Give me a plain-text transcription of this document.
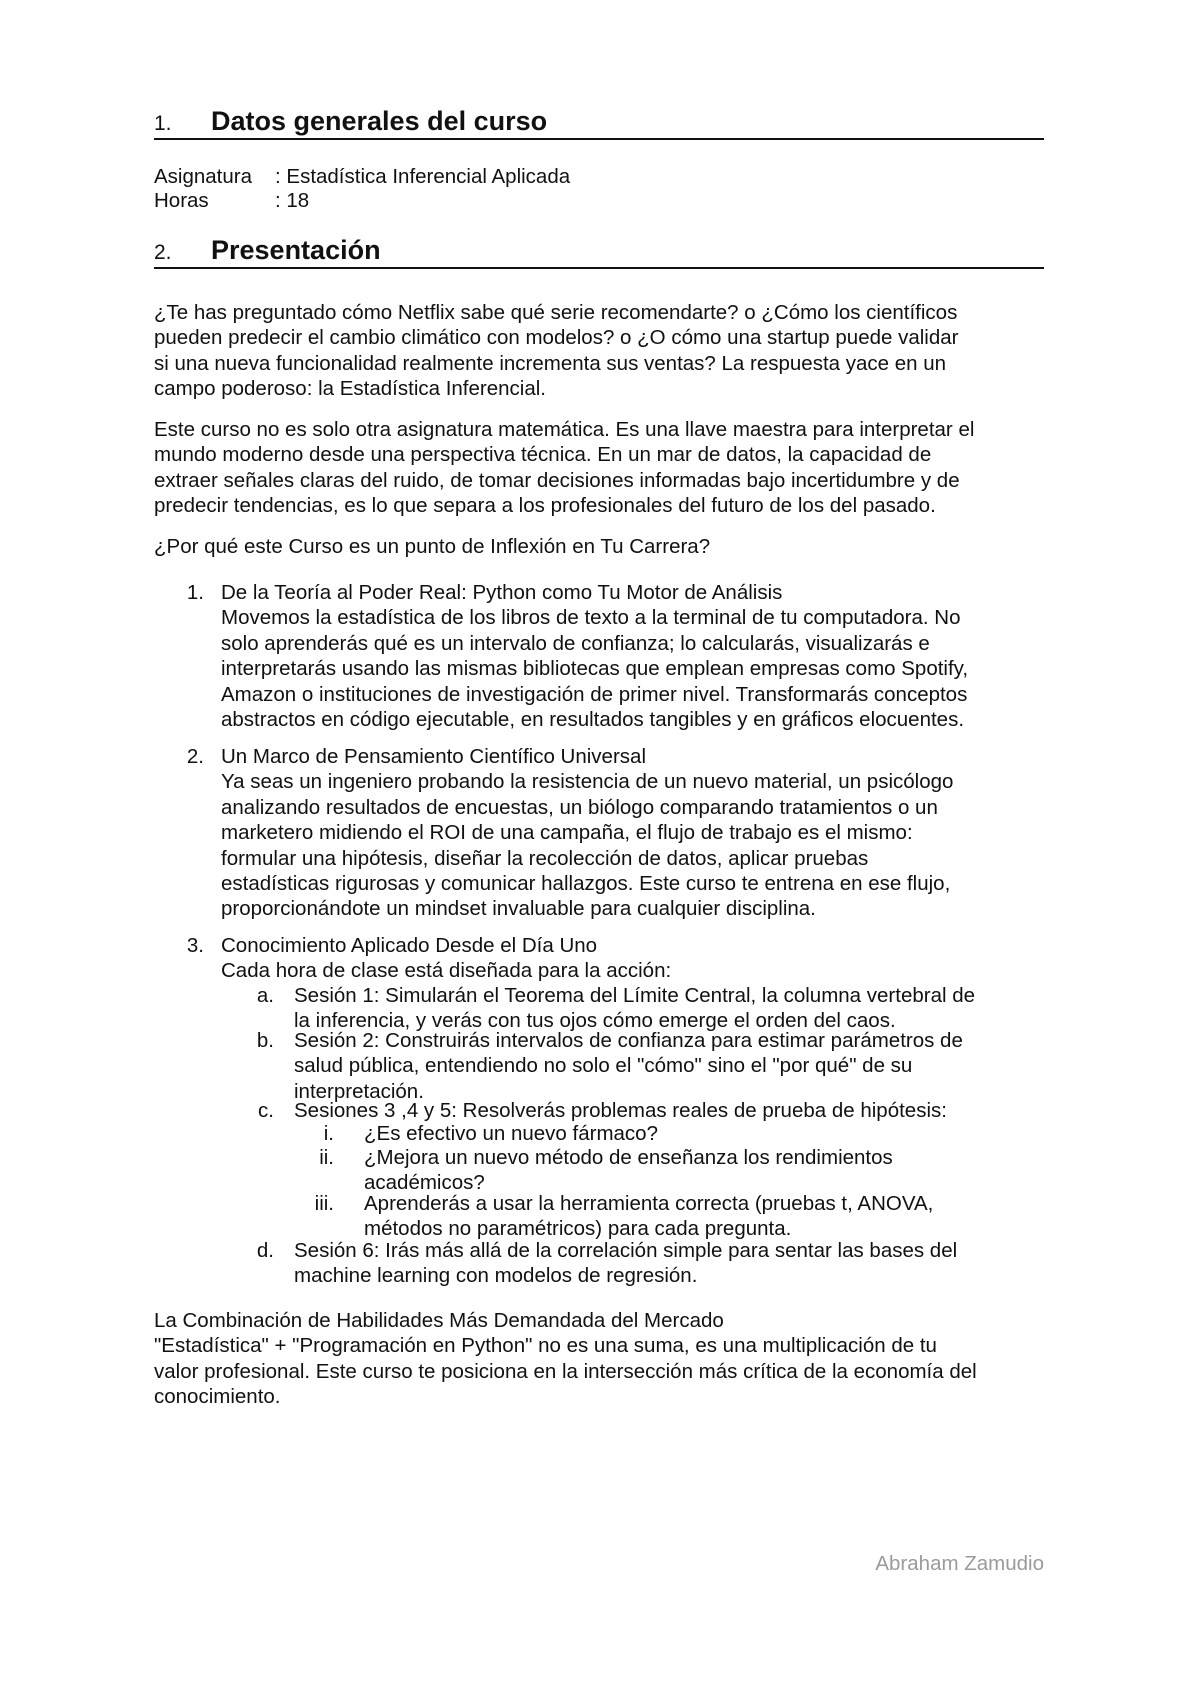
1. Datos generales del curso
Asignatura : Estadística Inferencial Aplicada
Horas	: 18
2. Presentación
¿Te has preguntado cómo Netflix sabe qué serie recomendarte? o ¿Cómo los científicos
pueden predecir el cambio climático con modelos? o ¿O cómo una startup puede validar
si una nueva funcionalidad realmente incrementa sus ventas? La respuesta yace en un
campo poderoso: la Estadística Inferencial.
Este curso no es solo otra asignatura matemática. Es una llave maestra para interpretar el
mundo moderno desde una perspectiva técnica. En un mar de datos, la capacidad de
extraer señales claras del ruido, de tomar decisiones informadas bajo incertidumbre y de
predecir tendencias, es lo que separa a los profesionales del futuro de los del pasado.
¿Por qué este Curso es un punto de Inflexión en Tu Carrera?
1. De la Teoría al Poder Real: Python como Tu Motor de Análisis
Movemos la estadística de los libros de texto a la terminal de tu computadora. No
solo aprenderás qué es un intervalo de confianza; lo calcularás, visualizarás e
interpretarás usando las mismas bibliotecas que emplean empresas como Spotify,
Amazon o instituciones de investigación de primer nivel. Transformarás conceptos
abstractos en código ejecutable, en resultados tangibles y en gráficos elocuentes.
2. Un Marco de Pensamiento Científico Universal
Ya seas un ingeniero probando la resistencia de un nuevo material, un psicólogo
analizando resultados de encuestas, un biólogo comparando tratamientos o un
marketero midiendo el ROI de una campaña, el flujo de trabajo es el mismo:
formular una hipótesis, diseñar la recolección de datos, aplicar pruebas
estadísticas rigurosas y comunicar hallazgos. Este curso te entrena en ese flujo,
proporcionándote un mindset invaluable para cualquier disciplina.
3. Conocimiento Aplicado Desde el Día Uno
Cada hora de clase está diseñada para la acción:
a. Sesión 1: Simularán el Teorema del Límite Central, la columna vertebral de
la inferencia, y verás con tus ojos cómo emerge el orden del caos.
b. Sesión 2: Construirás intervalos de confianza para estimar parámetros de
salud pública, entendiendo no solo el "cómo" sino el "por qué" de su
interpretación.
c. Sesiones 3 ,4 y 5: Resolverás problemas reales de prueba de hipótesis:
i. ¿Es efectivo un nuevo fármaco?
ii. ¿Mejora un nuevo método de enseñanza los rendimientos
académicos?
iii. Aprenderás a usar la herramienta correcta (pruebas t, ANOVA,
métodos no paramétricos) para cada pregunta.
d. Sesión 6: Irás más allá de la correlación simple para sentar las bases del
machine learning con modelos de regresión.
La Combinación de Habilidades Más Demandada del Mercado
"Estadística" + "Programación en Python" no es una suma, es una multiplicación de tu
valor profesional. Este curso te posiciona en la intersección más crítica de la economía del
conocimiento.
Abraham Zamudio
